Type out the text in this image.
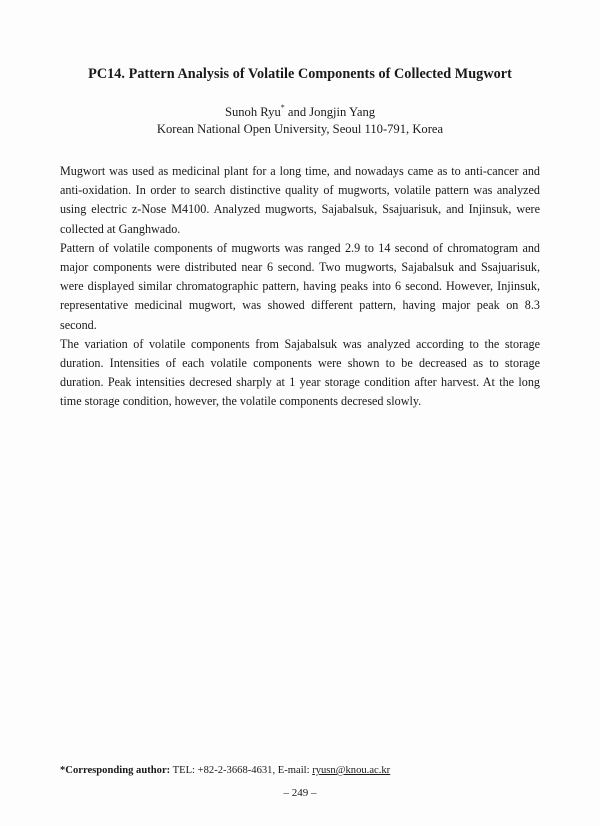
PC14. Pattern Analysis of Volatile Components of Collected Mugwort
Sunoh Ryu* and Jongjin Yang
Korean National Open University, Seoul 110-791, Korea

Mugwort was used as medicinal plant for a long time, and nowadays came as to anti-cancer and anti-oxidation. In order to search distinctive quality of mugworts, volatile pattern was analyzed using electric z-Nose M4100. Analyzed mugworts, Sajabalsuk, Ssajuarisuk, and Injinsuk, were collected at Ganghwado.

Pattern of volatile components of mugworts was ranged 2.9 to 14 second of chromatogram and major components were distributed near 6 second. Two mugworts, Sajabalsuk and Ssajuarisuk, were displayed similar chromatographic pattern, having peaks into 6 second. However, Injinsuk, representative medicinal mugwort, was showed different pattern, having major peak on 8.3 second.

The variation of volatile components from Sajabalsuk was analyzed according to the storage duration. Intensities of each volatile components were shown to be decreased as to storage duration. Peak intensities decresed sharply at 1 year storage condition after harvest. At the long time storage condition, however, the volatile components decresed slowly.

*Corresponding author: TEL: +82-2-3668-4631, E-mail: ryusn@knou.ac.kr
– 249 –
